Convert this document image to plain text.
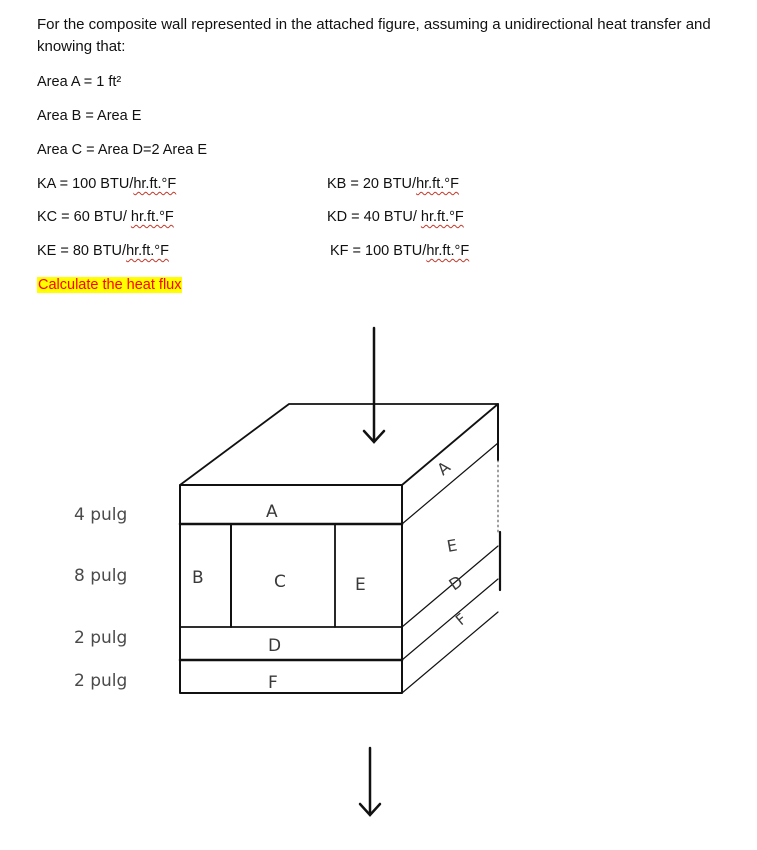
For the composite wall represented in the attached figure, assuming a unidirectional heat transfer and knowing that:
Area A = 1 ft²
Area B = Area E
Area C = Area D=2 Area E
KA = 100 BTU/hr.ft.°F	KB = 20 BTU/hr.ft.°F
KC = 60 BTU/ hr.ft.°F	KD = 40 BTU/ hr.ft.°F
KE = 80 BTU/hr.ft.°F	KF = 100 BTU/hr.ft.°F
Calculate the heat flux
4 pulg
8 pulg
2 pulg
2 pulg
A
B	C	E
D
F
A
E
D
F
